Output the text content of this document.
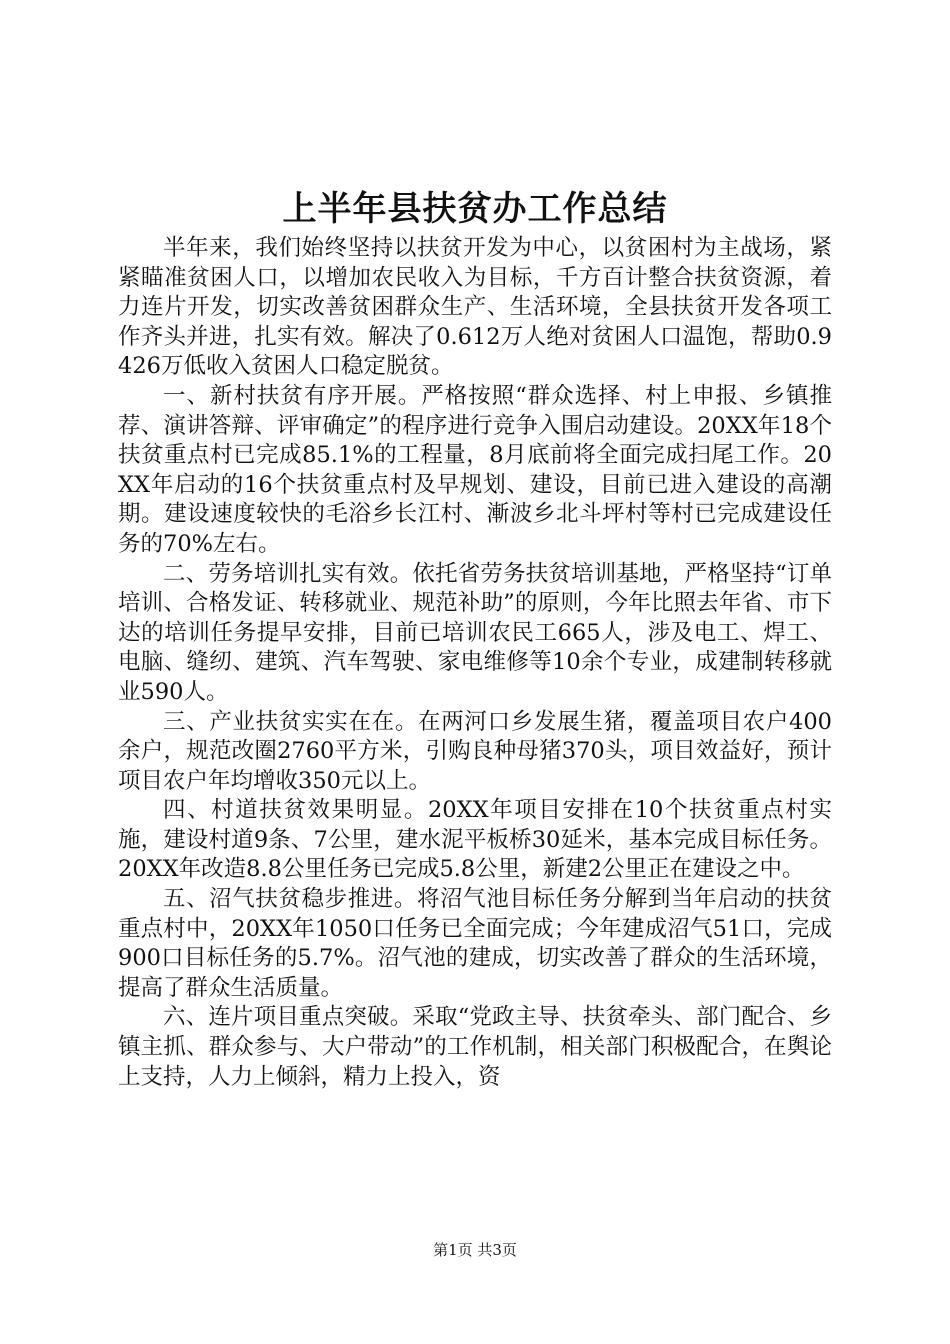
上半年县扶贫办工作总结

半年来，我们始终坚持以扶贫开发为中心，以贫困村为主战场，紧紧瞄准贫困人口，以增加农民收入为目标，千方百计整合扶贫资源，着力连片开发，切实改善贫困群众生产、生活环境，全县扶贫开发各项工作齐头并进，扎实有效。解决了0.612万人绝对贫困人口温饱，帮助0.9426万低收入贫困人口稳定脱贫。

一、新村扶贫有序开展。严格按照“群众选择、村上申报、乡镇推荐、演讲答辩、评审确定”的程序进行竞争入围启动建设。20XX年18个扶贫重点村已完成85.1%的工程量，8月底前将全面完成扫尾工作。20XX年启动的16个扶贫重点村及早规划、建设，目前已进入建设的高潮期。建设速度较快的毛浴乡长江村、漸波乡北斗坪村等村已完成建设任务的70%左右。

二、劳务培训扎实有效。依托省劳务扶贫培训基地，严格坚持“订单培训、合格发证、转移就业、规范补助”的原则，今年比照去年省、市下达的培训任务提早安排，目前已培训农民工665人，涉及电工、焊工、电脑、缝纫、建筑、汽车驾驶、家电维修等10余个专业，成建制转移就业590人。

三、产业扶贫实实在在。在两河口乡发展生猪，覆盖项目农户400余户，规范改圈2760平方米，引购良种母猪370头，项目效益好，预计项目农户年均增收350元以上。

四、村道扶贫效果明显。20XX年项目安排在10个扶贫重点村实施，建设村道9条、7公里，建水泥平板桥30延米，基本完成目标任务。20XX年改造8.8公里任务已完成5.8公里，新建2公里正在建设之中。

五、沼气扶贫稳步推进。将沼气池目标任务分解到当年启动的扶贫重点村中，20XX年1050口任务已全面完成；今年建成沼气51口，完成900口目标任务的5.7%。沼气池的建成，切实改善了群众的生活环境，提高了群众生活质量。

六、连片项目重点突破。采取“党政主导、扶贫牵头、部门配合、乡镇主抓、群众参与、大户带动”的工作机制，相关部门积极配合，在舆论上支持，人力上倾斜，精力上投入，资

第1页 共3页
